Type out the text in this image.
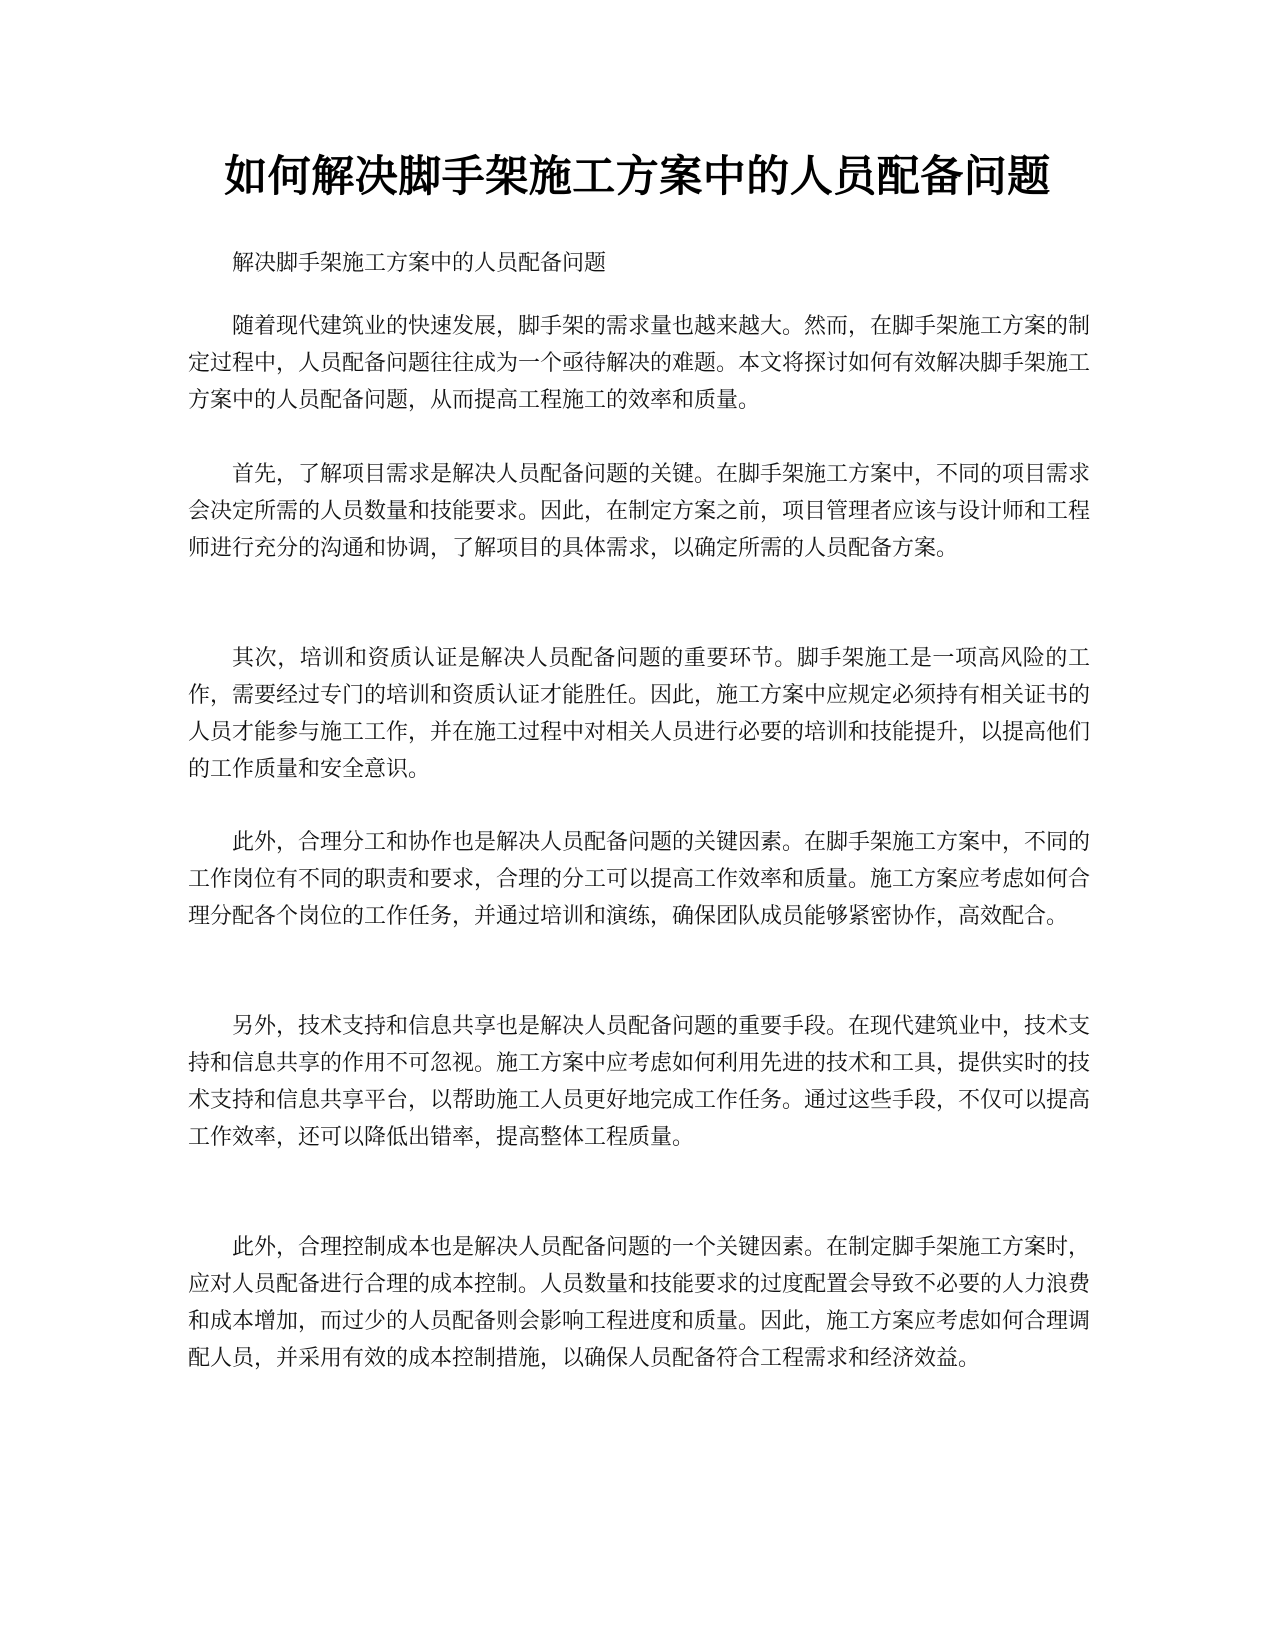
如何解决脚手架施工方案中的人员配备问题

解决脚手架施工方案中的人员配备问题

随着现代建筑业的快速发展，脚手架的需求量也越来越大。然而，在脚手架施工方案的制定过程中，人员配备问题往往成为一个亟待解决的难题。本文将探讨如何有效解决脚手架施工方案中的人员配备问题，从而提高工程施工的效率和质量。

首先，了解项目需求是解决人员配备问题的关键。在脚手架施工方案中，不同的项目需求会决定所需的人员数量和技能要求。因此，在制定方案之前，项目管理者应该与设计师和工程师进行充分的沟通和协调，了解项目的具体需求，以确定所需的人员配备方案。

其次，培训和资质认证是解决人员配备问题的重要环节。脚手架施工是一项高风险的工作，需要经过专门的培训和资质认证才能胜任。因此，施工方案中应规定必须持有相关证书的人员才能参与施工工作，并在施工过程中对相关人员进行必要的培训和技能提升，以提高他们的工作质量和安全意识。

此外，合理分工和协作也是解决人员配备问题的关键因素。在脚手架施工方案中，不同的工作岗位有不同的职责和要求，合理的分工可以提高工作效率和质量。施工方案应考虑如何合理分配各个岗位的工作任务，并通过培训和演练，确保团队成员能够紧密协作，高效配合。

另外，技术支持和信息共享也是解决人员配备问题的重要手段。在现代建筑业中，技术支持和信息共享的作用不可忽视。施工方案中应考虑如何利用先进的技术和工具，提供实时的技术支持和信息共享平台，以帮助施工人员更好地完成工作任务。通过这些手段，不仅可以提高工作效率，还可以降低出错率，提高整体工程质量。

此外，合理控制成本也是解决人员配备问题的一个关键因素。在制定脚手架施工方案时，应对人员配备进行合理的成本控制。人员数量和技能要求的过度配置会导致不必要的人力浪费和成本增加，而过少的人员配备则会影响工程进度和质量。因此，施工方案应考虑如何合理调配人员，并采用有效的成本控制措施，以确保人员配备符合工程需求和经济效益。
